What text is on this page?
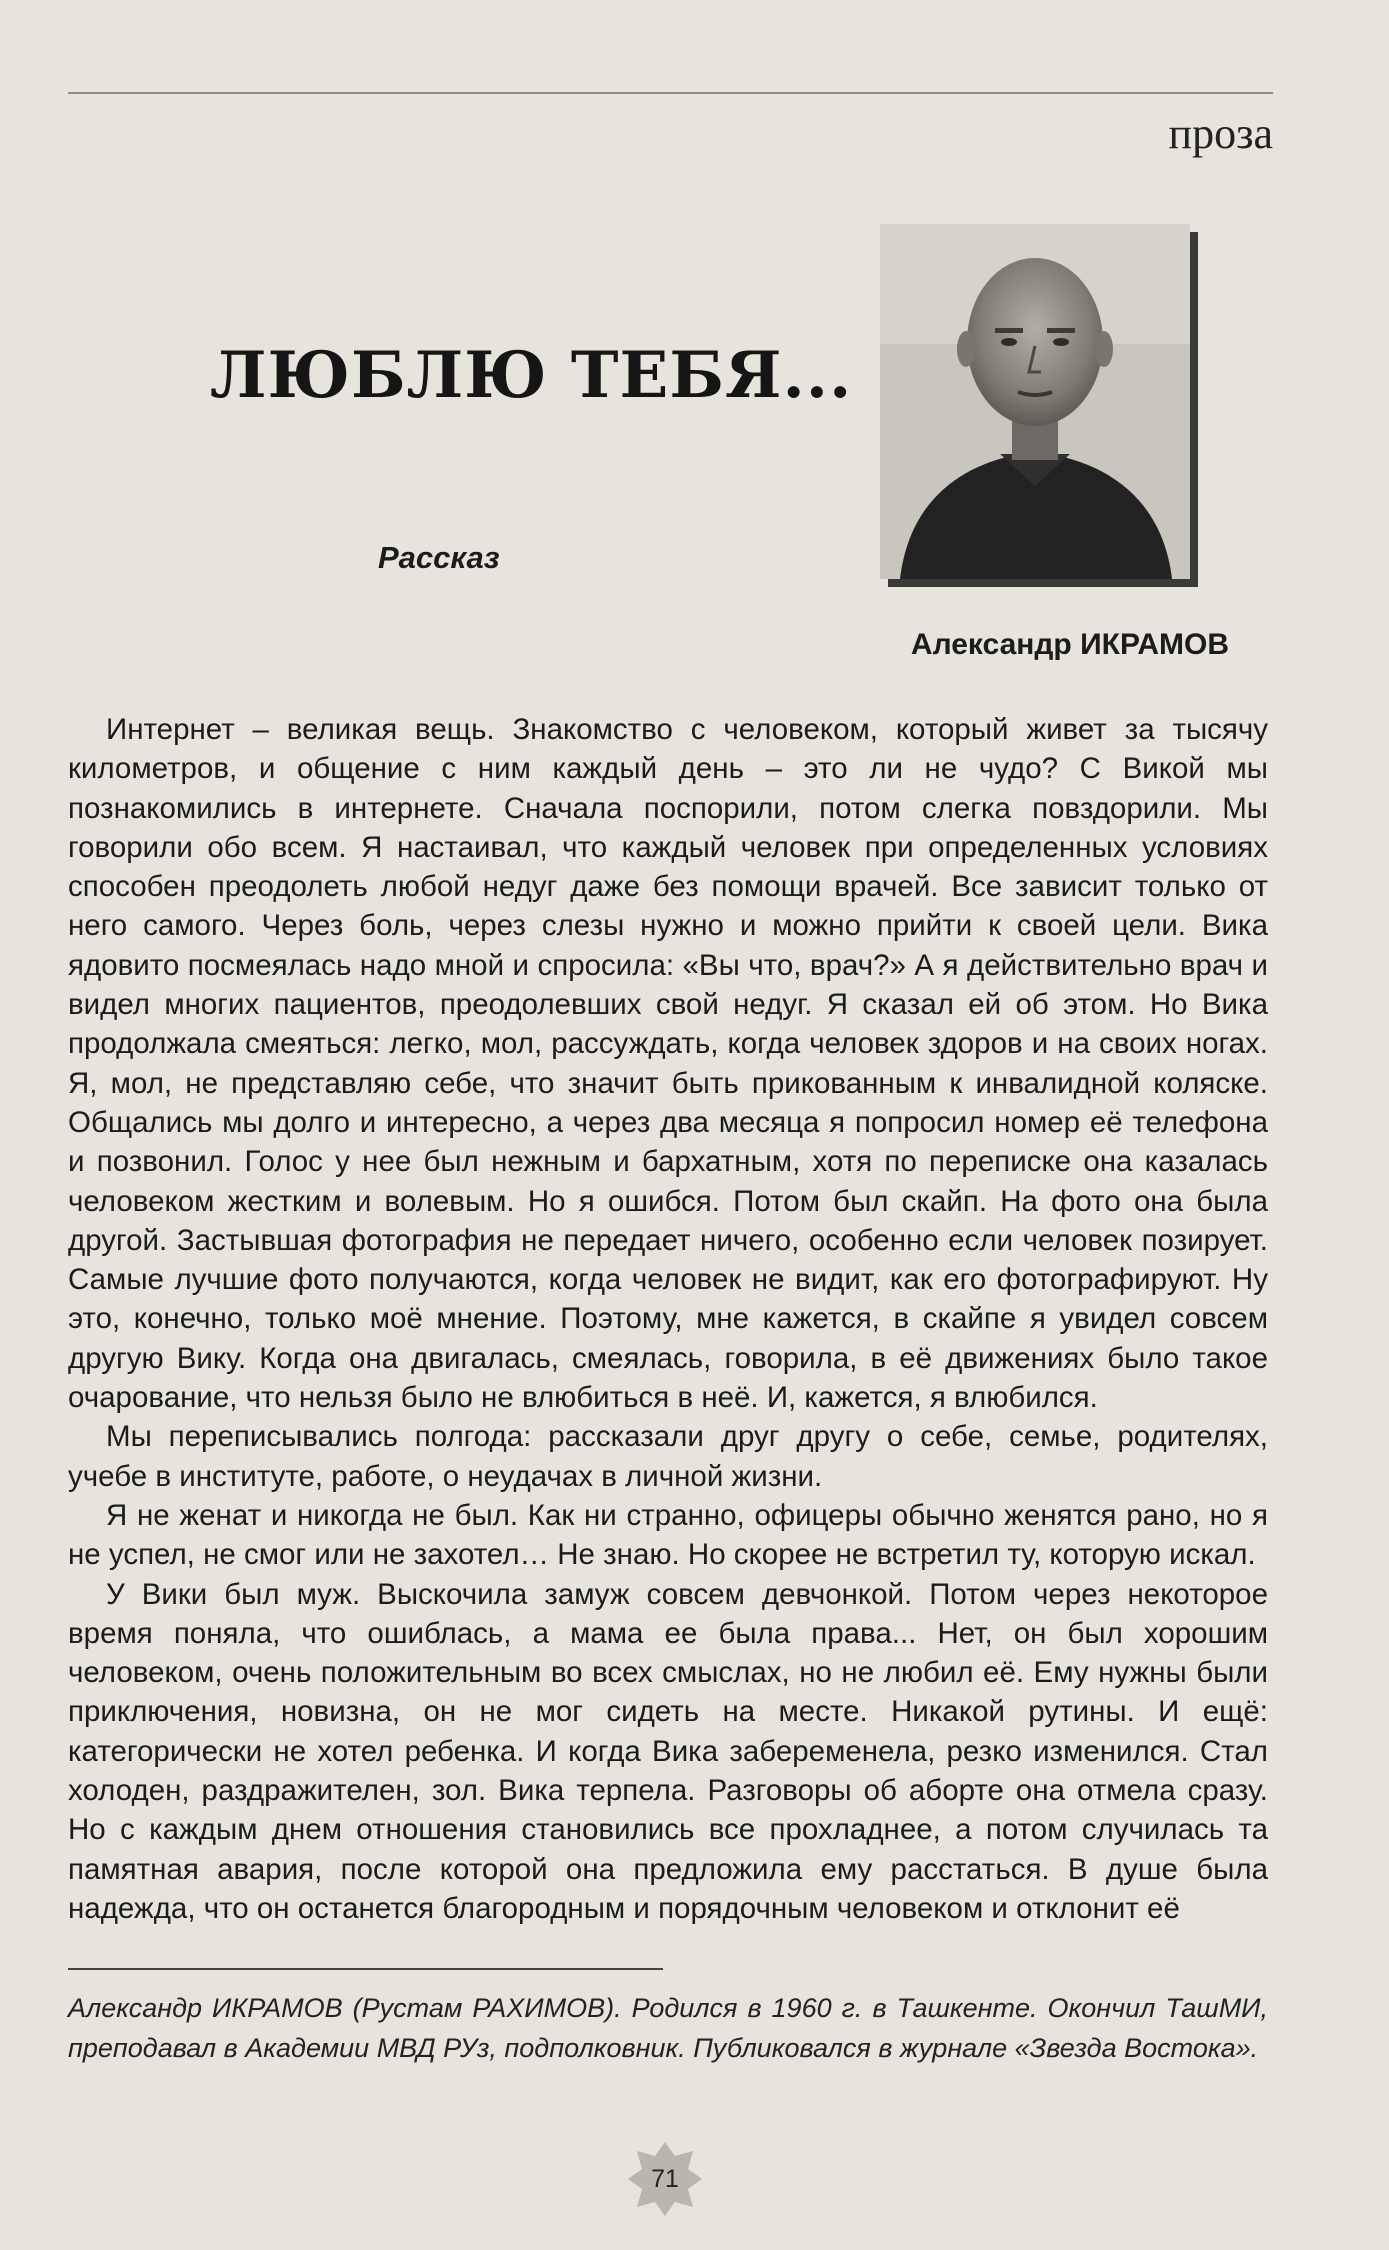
проза
ЛЮБЛЮ ТЕБЯ...
Рассказ
Александр ИКРАМОВ

Интернет – великая вещь. Знакомство с человеком, который живет за тысячу километров, и общение с ним каждый день – это ли не чудо? С Викой мы познакомились в интернете. Сначала поспорили, потом слегка повздорили. Мы говорили обо всем. Я настаивал, что каждый человек при определенных условиях способен преодолеть любой недуг даже без помощи врачей. Все зависит только от него самого. Через боль, через слезы нужно и можно прийти к своей цели. Вика ядовито посмеялась надо мной и спросила: «Вы что, врач?» А я действительно врач и видел многих пациентов, преодолевших свой недуг. Я сказал ей об этом. Но Вика продолжала смеяться: легко, мол, рассуждать, когда человек здоров и на своих ногах. Я, мол, не представляю себе, что значит быть прикованным к инвалидной коляске. Общались мы долго и интересно, а через два месяца я попросил номер её телефона и позвонил. Голос у нее был нежным и бархатным, хотя по переписке она казалась человеком жестким и волевым. Но я ошибся. Потом был скайп. На фото она была другой. Застывшая фотография не передает ничего, особенно если человек позирует. Самые лучшие фото получаются, когда человек не видит, как его фотографируют. Ну это, конечно, только моё мнение. Поэтому, мне кажется, в скайпе я увидел совсем другую Вику. Когда она двигалась, смеялась, говорила, в её движениях было такое очарование, что нельзя было не влюбиться в неё. И, кажется, я влюбился.

Мы переписывались полгода: рассказали друг другу о себе, семье, родителях, учебе в институте, работе, о неудачах в личной жизни.

Я не женат и никогда не был. Как ни странно, офицеры обычно женятся рано, но я не успел, не смог или не захотел… Не знаю. Но скорее не встретил ту, которую искал.

У Вики был муж. Выскочила замуж совсем девчонкой. Потом через некоторое время поняла, что ошиблась, а мама ее была права... Нет, он был хорошим человеком, очень положительным во всех смыслах, но не любил её. Ему нужны были приключения, новизна, он не мог сидеть на месте. Никакой рутины. И ещё: категорически не хотел ребенка. И когда Вика забеременела, резко изменился. Стал холоден, раздражителен, зол. Вика терпела. Разговоры об аборте она отмела сразу. Но с каждым днем отношения становились все прохладнее, а потом случилась та памятная авария, после которой она предложила ему расстаться. В душе была надежда, что он останется благородным и порядочным человеком и отклонит её

Александр ИКРАМОВ (Рустам РАХИМОВ). Родился в 1960 г. в Ташкенте. Окончил ТашМИ, преподавал в Академии МВД РУз, подполковник. Публиковался в журнале «Звезда Востока».
71
